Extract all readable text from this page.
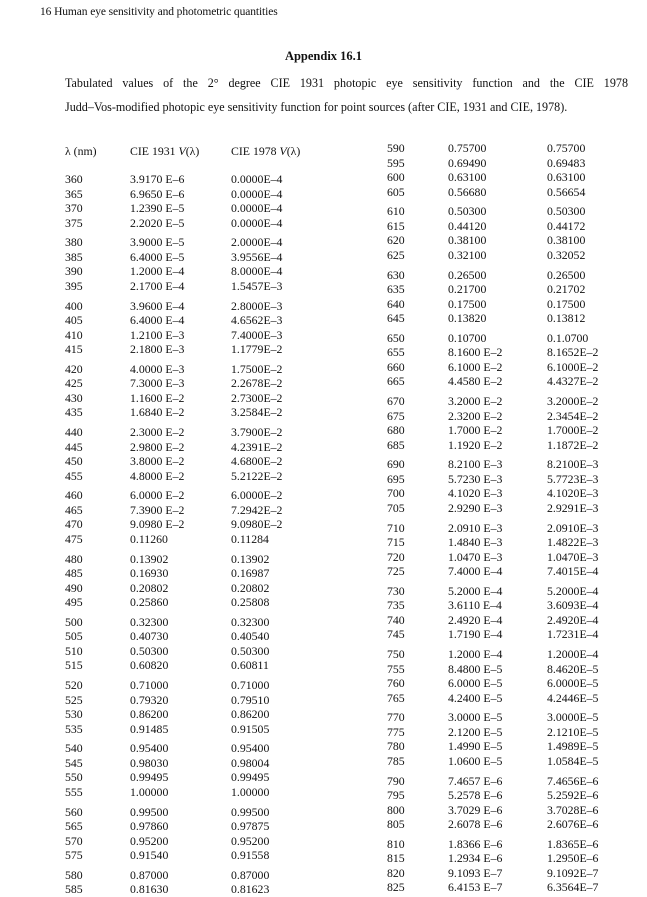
16 Human eye sensitivity and photometric quantities
Appendix 16.1
Tabulated values of the 2° degree CIE 1931 photopic eye sensitivity function and the CIE 1978
Judd–Vos-modified photopic eye sensitivity function for point sources (after CIE, 1931 and CIE, 1978).
λ (nm)	CIE 1931 V(λ)	CIE 1978 V(λ)
360	3.9170 E–6	0.0000E–4
365	6.9650 E–6	0.0000E–4
370	1.2390 E–5	0.0000E–4
375	2.2020 E–5	0.0000E–4
380	3.9000 E–5	2.0000E–4
385	6.4000 E–5	3.9556E–4
390	1.2000 E–4	8.0000E–4
395	2.1700 E–4	1.5457E–3
400	3.9600 E–4	2.8000E–3
405	6.4000 E–4	4.6562E–3
410	1.2100 E–3	7.4000E–3
415	2.1800 E–3	1.1779E–2
420	4.0000 E–3	1.7500E–2
425	7.3000 E–3	2.2678E–2
430	1.1600 E–2	2.7300E–2
435	1.6840 E–2	3.2584E–2
440	2.3000 E–2	3.7900E–2
445	2.9800 E–2	4.2391E–2
450	3.8000 E–2	4.6800E–2
455	4.8000 E–2	5.2122E–2
460	6.0000 E–2	6.0000E–2
465	7.3900 E–2	7.2942E–2
470	9.0980 E–2	9.0980E–2
475	0.11260	0.11284
480	0.13902	0.13902
485	0.16930	0.16987
490	0.20802	0.20802
495	0.25860	0.25808
500	0.32300	0.32300
505	0.40730	0.40540
510	0.50300	0.50300
515	0.60820	0.60811
520	0.71000	0.71000
525	0.79320	0.79510
530	0.86200	0.86200
535	0.91485	0.91505
540	0.95400	0.95400
545	0.98030	0.98004
550	0.99495	0.99495
555	1.00000	1.00000
560	0.99500	0.99500
565	0.97860	0.97875
570	0.95200	0.95200
575	0.91540	0.91558
580	0.87000	0.87000
585	0.81630	0.81623
590	0.75700	0.75700
595	0.69490	0.69483
600	0.63100	0.63100
605	0.56680	0.56654
610	0.50300	0.50300
615	0.44120	0.44172
620	0.38100	0.38100
625	0.32100	0.32052
630	0.26500	0.26500
635	0.21700	0.21702
640	0.17500	0.17500
645	0.13820	0.13812
650	0.10700	0.1.0700
655	8.1600 E–2	8.1652E–2
660	6.1000 E–2	6.1000E–2
665	4.4580 E–2	4.4327E–2
670	3.2000 E–2	3.2000E–2
675	2.3200 E–2	2.3454E–2
680	1.7000 E–2	1.7000E–2
685	1.1920 E–2	1.1872E–2
690	8.2100 E–3	8.2100E–3
695	5.7230 E–3	5.7723E–3
700	4.1020 E–3	4.1020E–3
705	2.9290 E–3	2.9291E–3
710	2.0910 E–3	2.0910E–3
715	1.4840 E–3	1.4822E–3
720	1.0470 E–3	1.0470E–3
725	7.4000 E–4	7.4015E–4
730	5.2000 E–4	5.2000E–4
735	3.6110 E–4	3.6093E–4
740	2.4920 E–4	2.4920E–4
745	1.7190 E–4	1.7231E–4
750	1.2000 E–4	1.2000E–4
755	8.4800 E–5	8.4620E–5
760	6.0000 E–5	6.0000E–5
765	4.2400 E–5	4.2446E–5
770	3.0000 E–5	3.0000E–5
775	2.1200 E–5	2.1210E–5
780	1.4990 E–5	1.4989E–5
785	1.0600 E–5	1.0584E–5
790	7.4657 E–6	7.4656E–6
795	5.2578 E–6	5.2592E–6
800	3.7029 E–6	3.7028E–6
805	2.6078 E–6	2.6076E–6
810	1.8366 E–6	1.8365E–6
815	1.2934 E–6	1.2950E–6
820	9.1093 E–7	9.1092E–7
825	6.4153 E–7	6.3564E–7
